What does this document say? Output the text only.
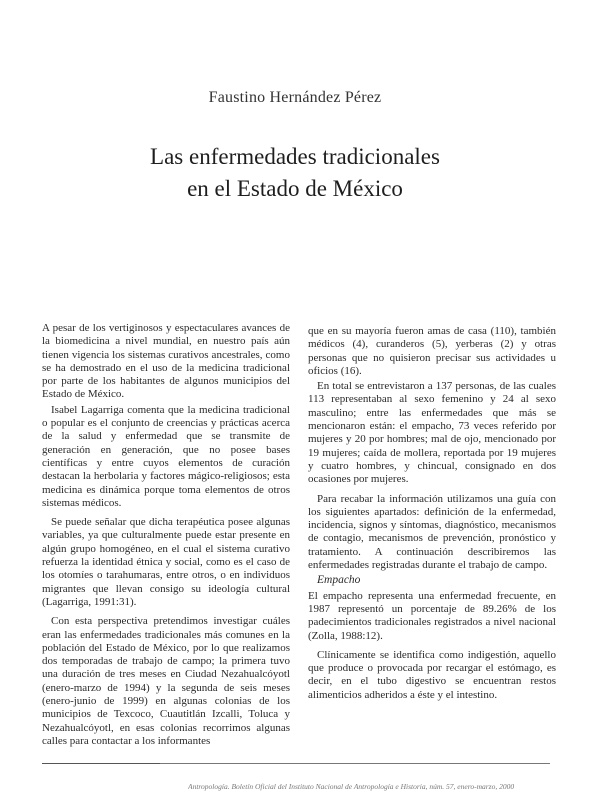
Faustino Hernández Pérez
Las enfermedades tradicionales
en el Estado de México

A pesar de los vertiginosos y espectaculares avances de la biomedicina a nivel mundial, en nuestro país aún tienen vigencia los sistemas curativos ancestrales, como se ha demostrado en el uso de la medicina tradicional por parte de los habitantes de algunos municipios del Estado de México.

Isabel Lagarriga comenta que la medicina tradicional o popular es el conjunto de creencias y prácticas acerca de la salud y enfermedad que se transmite de generación en generación, que no posee bases científicas y entre cuyos elementos de curación destacan la herbolaria y factores mágico-religiosos; esta medicina es dinámica porque toma elementos de otros sistemas médicos.

Se puede señalar que dicha terapéutica posee algunas variables, ya que culturalmente puede estar presente en algún grupo homogéneo, en el cual el sistema curativo refuerza la identidad étnica y social, como es el caso de los otomíes o tarahumaras, entre otros, o en individuos migrantes que llevan consigo su ideología cultural (Lagarriga, 1991:31).

Con esta perspectiva pretendimos investigar cuáles eran las enfermedades tradicionales más comunes en la población del Estado de México, por lo que realizamos dos temporadas de trabajo de campo; la primera tuvo una duración de tres meses en Ciudad Nezahualcóyotl (enero-marzo de 1994) y la segunda de seis meses (enero-junio de 1999) en algunas colonias de los municipios de Texcoco, Cuautitlán Izcalli, Toluca y Nezahualcóyotl, en esas colonias recorrimos algunas calles para contactar a los informantes

que en su mayoría fueron amas de casa (110), también médicos (4), curanderos (5), yerberas (2) y otras personas que no quisieron precisar sus actividades u oficios (16).

En total se entrevistaron a 137 personas, de las cuales 113 representaban al sexo femenino y 24 al sexo masculino; entre las enfermedades que más se mencionaron están: el empacho, 73 veces referido por mujeres y 20 por hombres; mal de ojo, mencionado por 19 mujeres; caída de mollera, reportada por 19 mujeres y cuatro hombres, y chincual, consignado en dos ocasiones por mujeres.

Para recabar la información utilizamos una guía con los siguientes apartados: definición de la enfermedad, incidencia, signos y síntomas, diagnóstico, mecanismos de contagio, mecanismos de prevención, pronóstico y tratamiento. A continuación describiremos las enfermedades registradas durante el trabajo de campo.

Empacho

El empacho representa una enfermedad frecuente, en 1987 representó un porcentaje de 89.26% de los padecimientos tradicionales registrados a nivel nacional (Zolla, 1988:12).

Clínicamente se identifica como indigestión, aquello que produce o provocada por recargar el estómago, es decir, en el tubo digestivo se encuentran restos alimenticios adheridos a éste y el intestino.

Antropología. Boletín Oficial del Instituto Nacional de Antropología e Historia, núm. 57, enero-marzo, 2000
